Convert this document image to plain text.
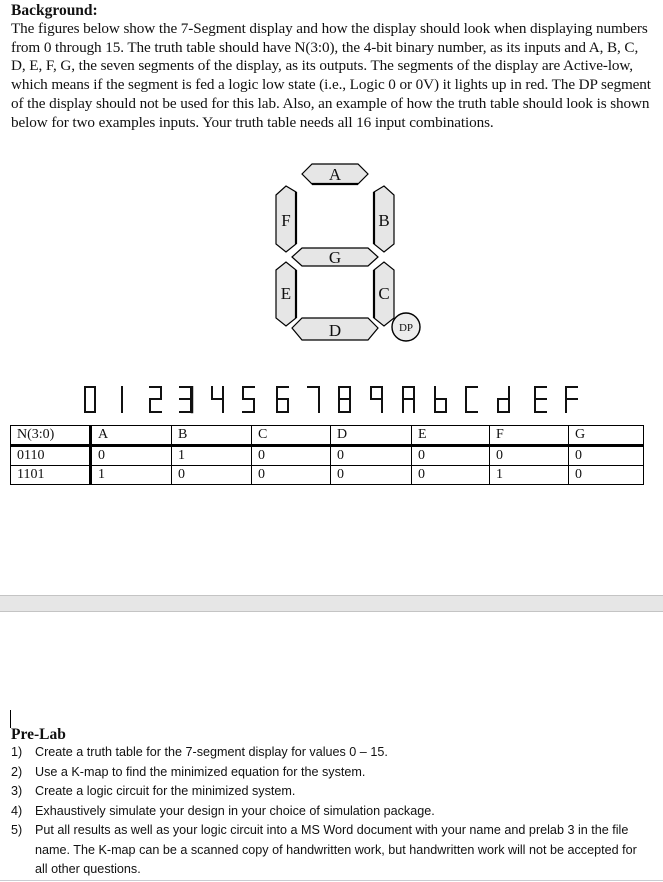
Background:
The figures below show the 7-Segment display and how the display should look when displaying numbers from 0 through 15. The truth table should have N(3:0), the 4-bit binary number, as its inputs and A, B, C, D, E, F, G, the seven segments of the display, as its outputs. The segments of the display are Active-low, which means if the segment is fed a logic low state (i.e., Logic 0 or 0V) it lights up in red. The DP segment of the display should not be used for this lab. Also, an example of how the truth table should look is shown below for two examples inputs. Your truth table needs all 16 input combinations.
A
B
C
D
E
F
G
DP
N(3:0)	A	B	C	D	E	F	G
0110	0	1	0	0	0	0	0
1101	1	0	0	0	0	1	0
Pre-Lab
1)	Create a truth table for the 7-segment display for values 0 – 15.
2)	Use a K-map to find the minimized equation for the system.
3)	Create a logic circuit for the minimized system.
4)	Exhaustively simulate your design in your choice of simulation package.
5)	Put all results as well as your logic circuit into a MS Word document with your name and prelab 3 in the file name. The K-map can be a scanned copy of handwritten work, but handwritten work will not be accepted for all other questions.
